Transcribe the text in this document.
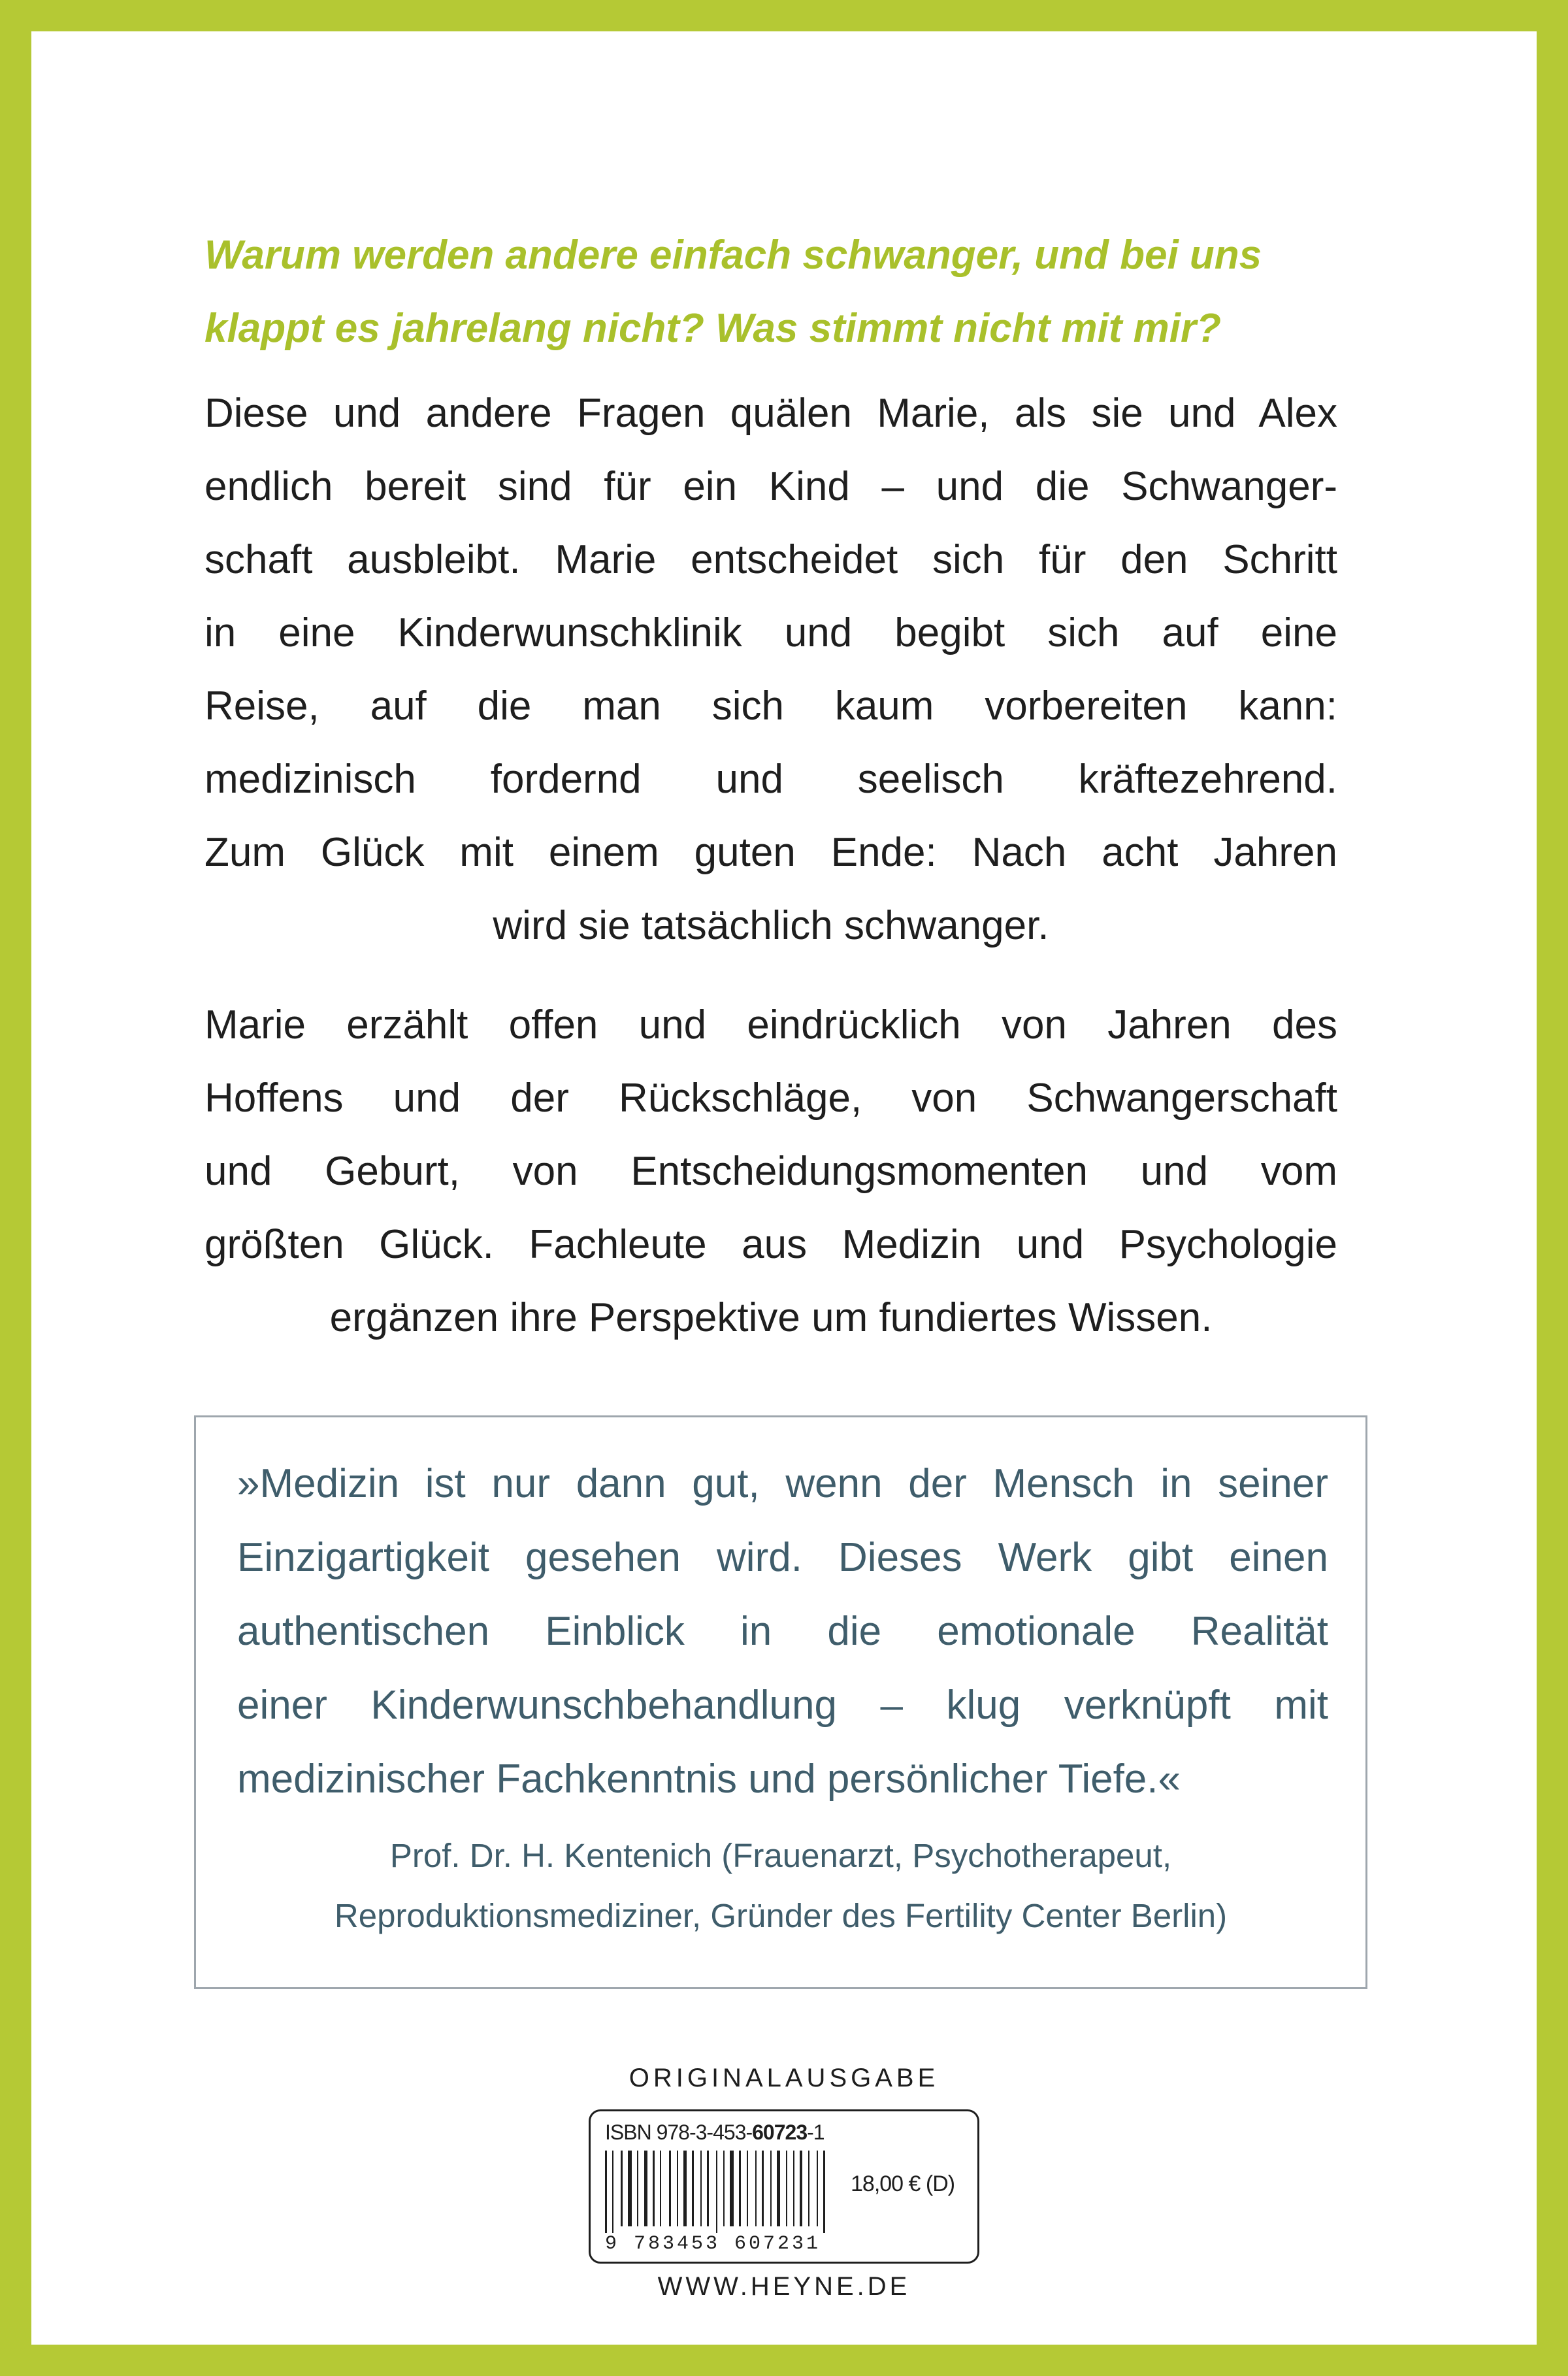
Warum werden andere einfach schwanger, und bei uns
klappt es jahrelang nicht? Was stimmt nicht mit mir?

Diese und andere Fragen quälen Marie, als sie und Alex
endlich bereit sind für ein Kind – und die Schwanger-
schaft ausbleibt. Marie entscheidet sich für den Schritt
in eine Kinderwunschklinik und begibt sich auf eine
Reise, auf die man sich kaum vorbereiten kann:
medizinisch fordernd und seelisch kräftezehrend.
Zum Glück mit einem guten Ende: Nach acht Jahren
wird sie tatsächlich schwanger.

Marie erzählt offen und eindrücklich von Jahren des
Hoffens und der Rückschläge, von Schwangerschaft
und Geburt, von Entscheidungsmomenten und vom
größten Glück. Fachleute aus Medizin und Psychologie
ergänzen ihre Perspektive um fundiertes Wissen.

»Medizin ist nur dann gut, wenn der Mensch in seiner
Einzigartigkeit gesehen wird. Dieses Werk gibt einen
authentischen Einblick in die emotionale Realität
einer Kinderwunschbehandlung – klug verknüpft mit
medizinischer Fachkenntnis und persönlicher Tiefe.«
Prof. Dr. H. Kentenich (Frauenarzt, Psychotherapeut,
Reproduktionsmediziner, Gründer des Fertility Center Berlin)
ORIGINALAUSGABE
ISBN 978-3-453-60723-1
9 783453 607231
18,00 € (D)
WWW.HEYNE.DE
